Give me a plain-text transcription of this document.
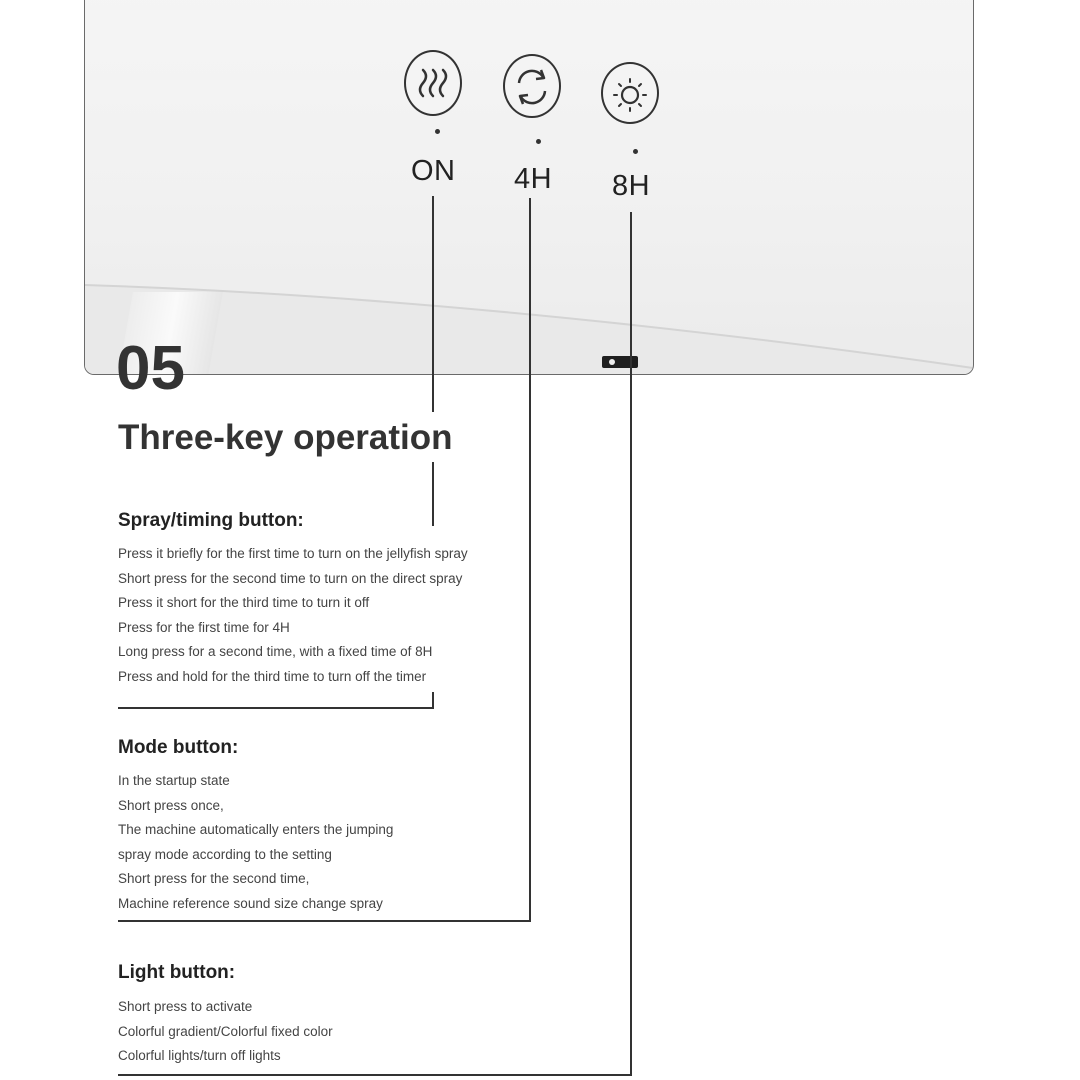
ON 4H 8H
05
Three-key operation
Spray/timing button:
Press it briefly for the first time to turn on the jellyfish spray
Short press for the second time to turn on the direct spray
Press it short for the third time to turn it off
Press for the first time for 4H
Long press for a second time, with a fixed time of 8H
Press and hold for the third time to turn off the timer
Mode button:
In the startup state
Short press once,
The machine automatically enters the jumping
spray mode according to the setting
Short press for the second time,
Machine reference sound size change spray
Light button:
Short press to activate
Colorful gradient/Colorful fixed color
Colorful lights/turn off lights
